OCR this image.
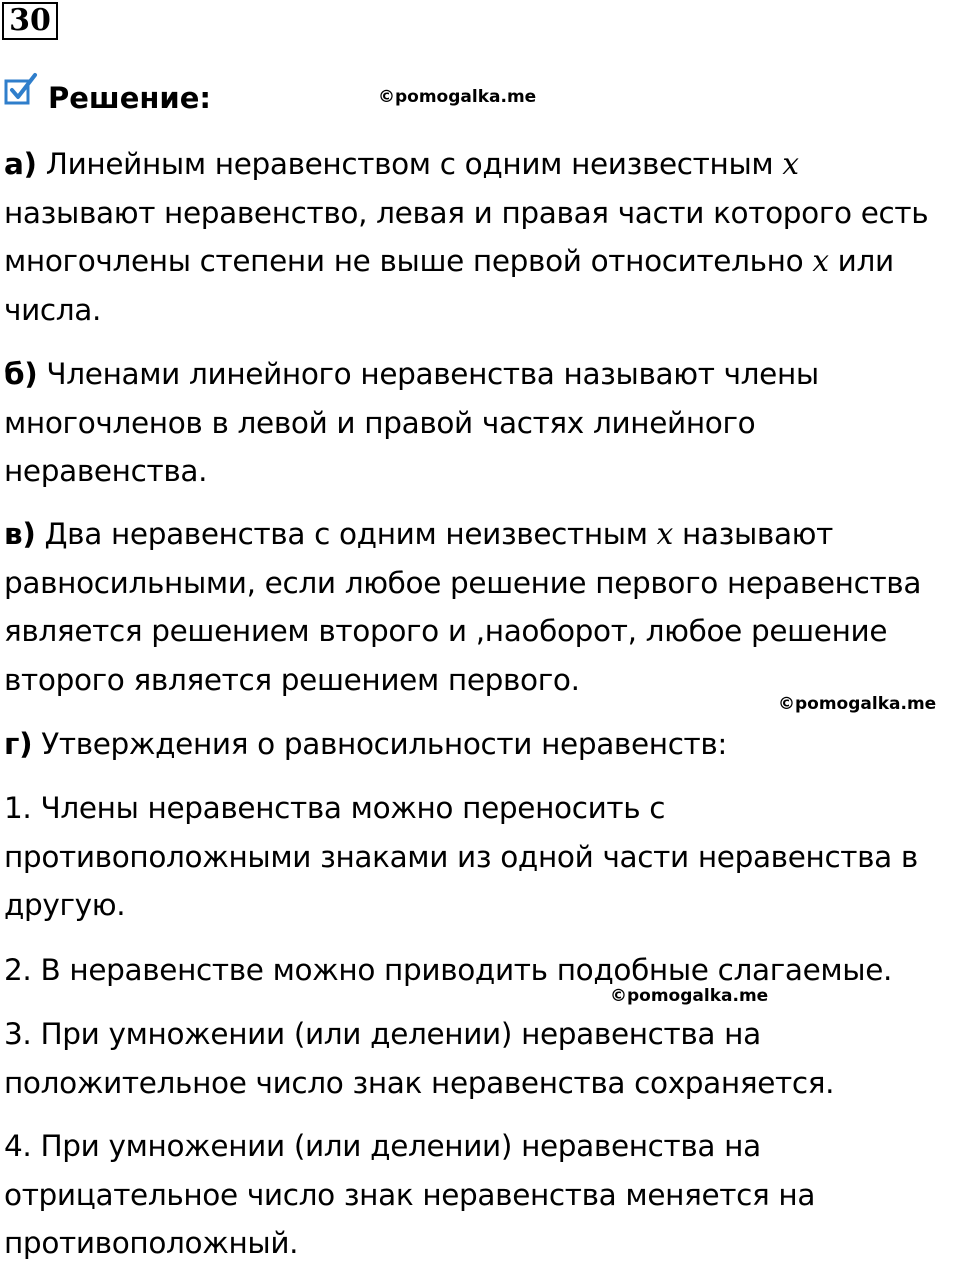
30
Решение:	©pomogalka.me
©pomogalka.me
©pomogalka.me
а) Линейным неравенством с одним неизвестным x
называют неравенство, левая и правая части которого есть
многочлены степени не выше первой относительно x или
числа.
б) Членами линейного неравенства называют члены
многочленов в левой и правой частях линейного
неравенства.
в) Два неравенства с одним неизвестным x называют
равносильными, если любое решение первого неравенства
является решением второго и ,наоборот, любое решение
второго является решением первого.
г) Утверждения о равносильности неравенств:
1. Члены неравенства можно переносить с
противоположными знаками из одной части неравенства в
другую.
2. В неравенстве можно приводить подобные слагаемые.
3. При умножении (или делении) неравенства на
положительное число знак неравенства сохраняется.
4. При умножении (или делении) неравенства на
отрицательное число знак неравенства меняется на
противоположный.
